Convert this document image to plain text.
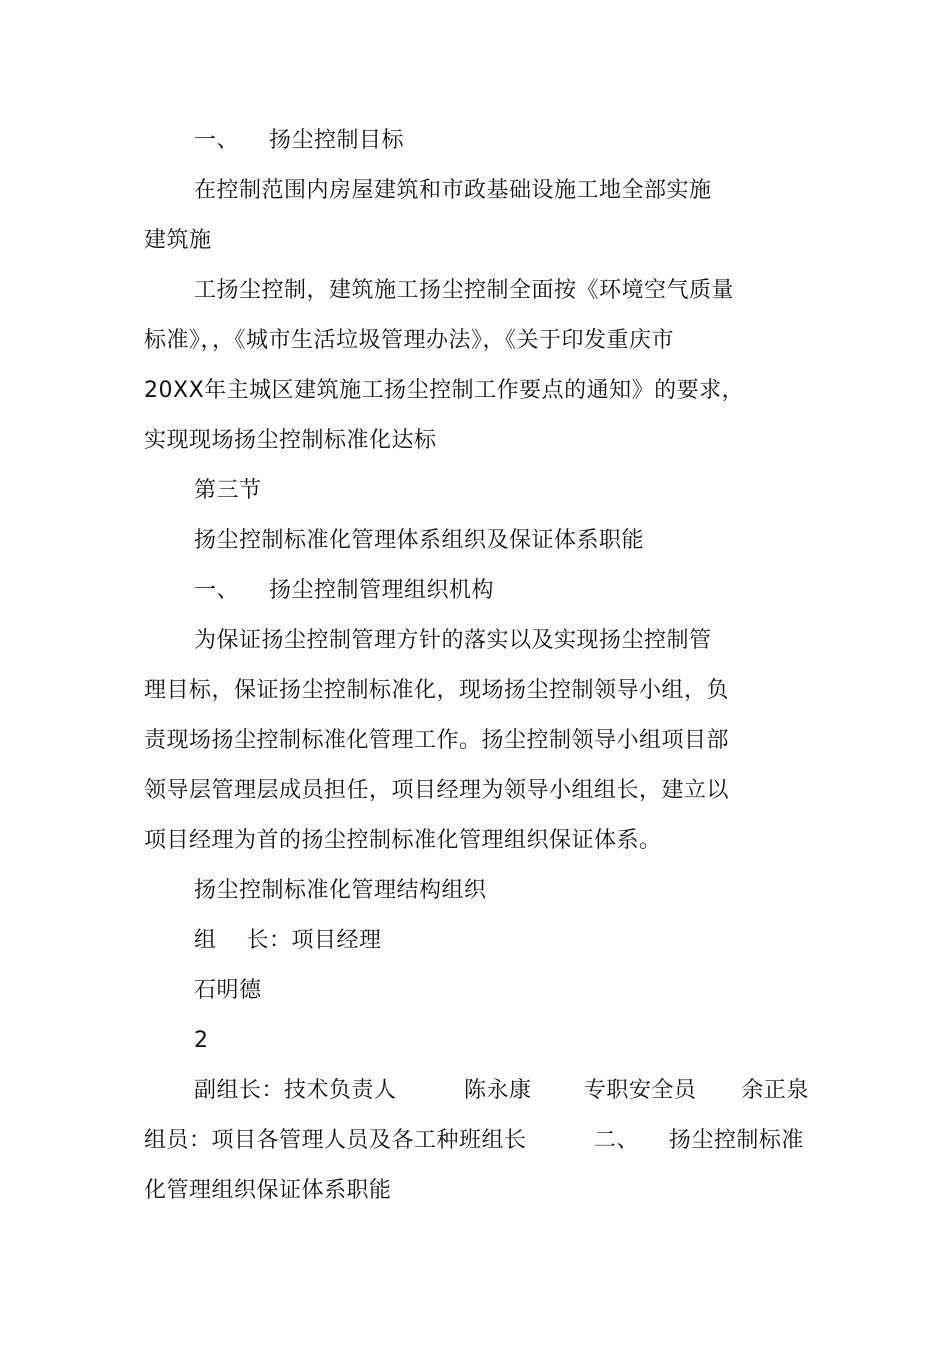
一、    扬尘控制目标
在控制范围内房屋建筑和市政基础设施工地全部实施
建筑施
工扬尘控制，建筑施工扬尘控制全面按《环境空气质量
标准》，，《城市生活垃圾管理办法》，《关于印发重庆市
20XX年主城区建筑施工扬尘控制工作要点的通知》的要求，
实现现场扬尘控制标准化达标
第三节
扬尘控制标准化管理体系组织及保证体系职能
一、    扬尘控制管理组织机构
为保证扬尘控制管理方针的落实以及实现扬尘控制管
理目标，保证扬尘控制标准化，现场扬尘控制领导小组，负
责现场扬尘控制标准化管理工作。扬尘控制领导小组项目部
领导层管理层成员担任，项目经理为领导小组组长，建立以
项目经理为首的扬尘控制标准化管理组织保证体系。
扬尘控制标准化管理结构组织
组    长：项目经理
石明德
2
副组长：技术负责人         陈永康       专职安全员      余正泉
组员：项目各管理人员及各工种班组长         二、    扬尘控制标准
化管理组织保证体系职能
